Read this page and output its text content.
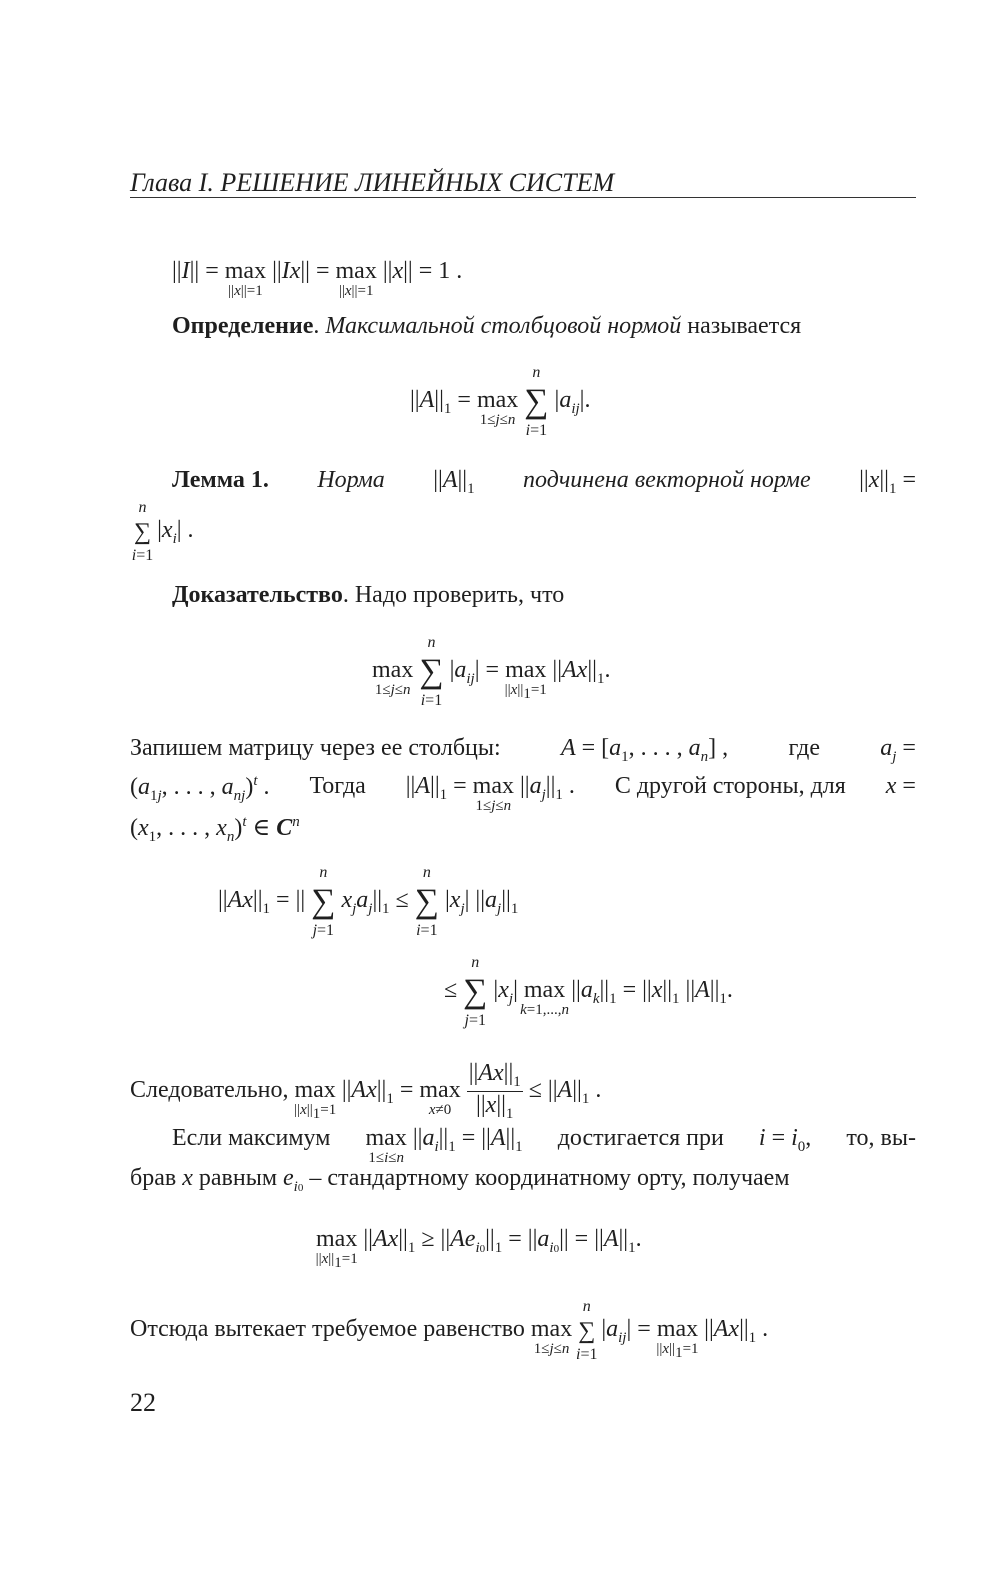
Глава I. РЕШЕНИЕ ЛИНЕЙНЫХ СИСТЕМ
||I|| = max
||x||=1
||Ix|| = max
||x||=1
||x|| = 1 .
Определение. Максимальной столбцовой нормой называется
$||A||_1 = \max$
1≤j≤n ∑
n
i=1
$|a_{ij}|$.
Лемма 1. Норма $||A||_1$ подчинена векторной норме $||x||_1$ =
∑
n
i=1
$|x_i|$ .
Доказательство. Надо проверить, что
max
1≤j≤n ∑
n
i=1
$|a_{ij}| = \max$
$||x||_1=1$
$||Ax||_1$.
Запишем матрицу через ее столбцы:	$A = [a_1$, . . . , $a_n$] ,	где	$a_j$ =
($a_{1j}$, . . . , $a_{nj})^t$ . Тогда $||A||_1 = \max$
1≤j≤n
$||a_j||_1$ . С другой стороны, для x =
($x_1$, . . . , $x_n)^t$ ∈ $C^n$
$||Ax||_1$ = || ∑
n
j=1
$x_ja_j||_1$ ≤ ∑
n
i=1
$|x_j|$ $||a_j||_1$
≤ ∑
n
j=1
$|x_j|$ max
k=1,...,n
$||a_k||_1 = ||x||_1$ $||A||_1$.
Следовательно, max
$||x||_1=1$
$||Ax||_1 = \max$
x≠0
$\frac{||Ax||_1}{||x||_1} \le ||A||_1$ .
Если максимум max
1≤i≤n
$||a_i||_1 = ||A||_1$ достигается при $i = i_0$, то, вы-
брав x равным $e_{i0}$ – стандартному координатному орту, получаем
max
$||x||_1=1$
$||Ax||_1 \ge ||Ae_{i0}||_1 = ||a_{i0}|| = ||A||_1$.
Отсюда вытекает требуемое равенство max
1≤j≤n
∑
n
i=1
$|a_{ij}| = \max$
$||x||_1=1$
$||Ax||_1$ .
22
